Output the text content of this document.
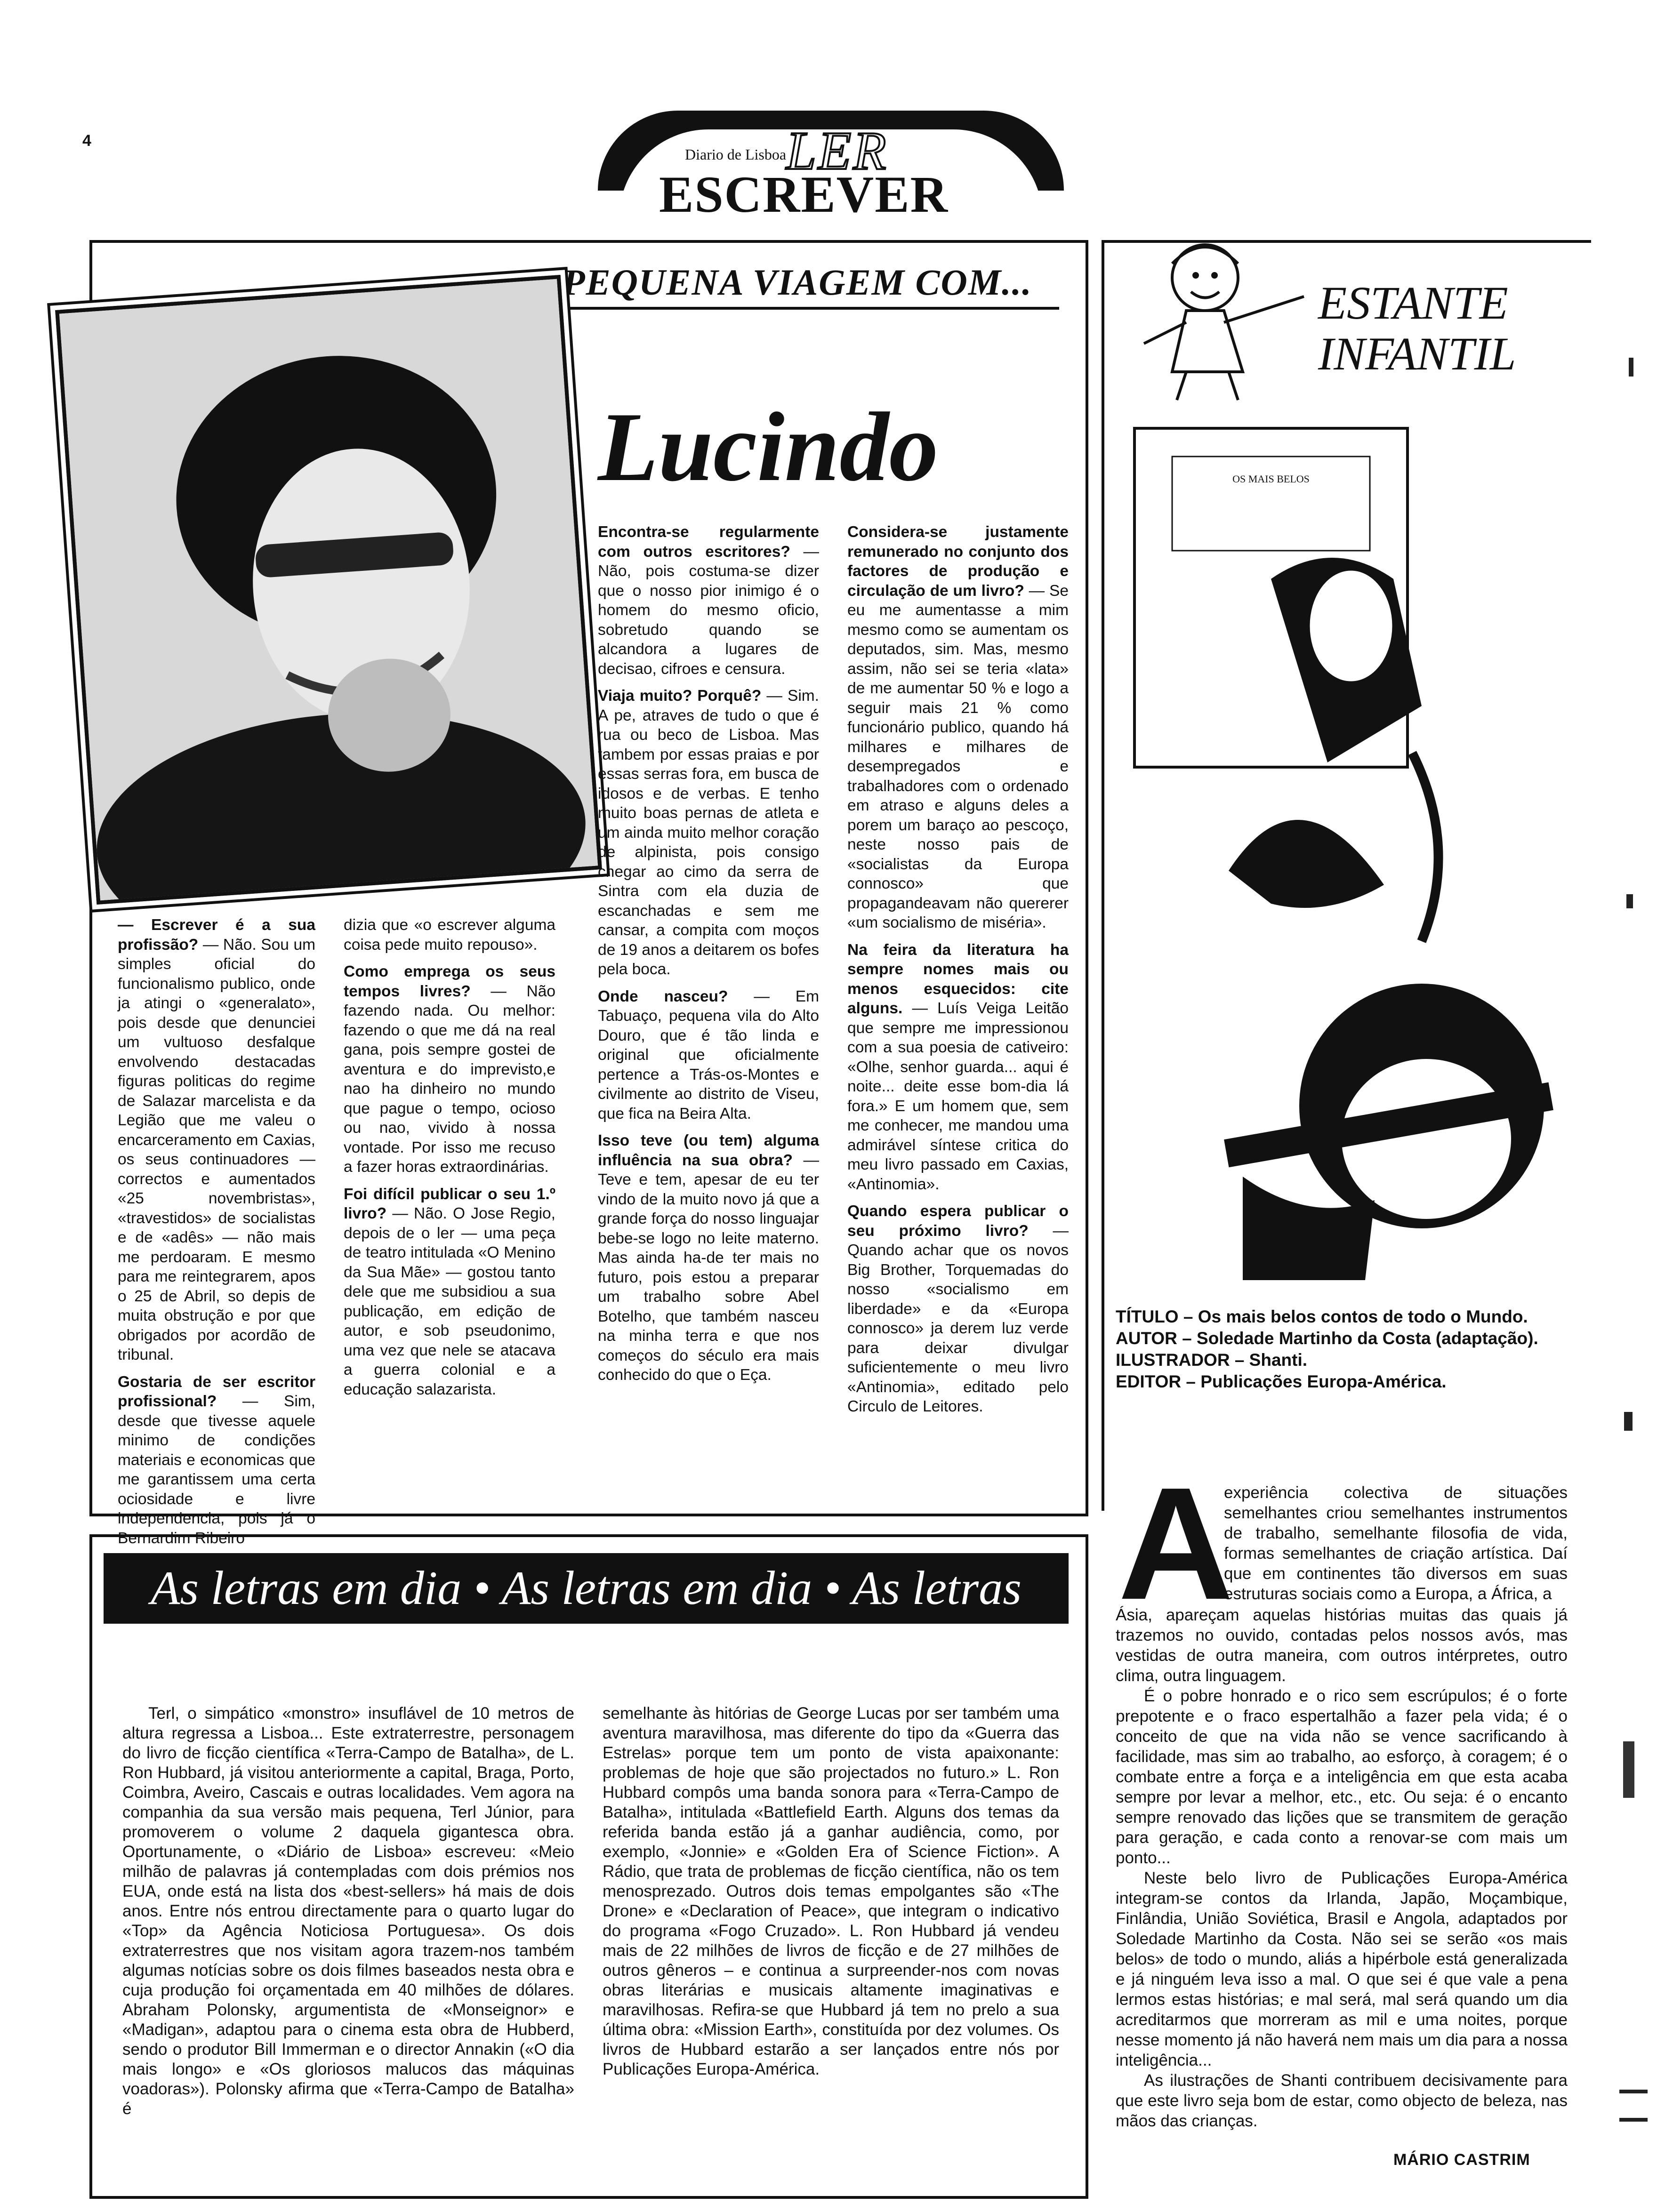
4
Diario de Lisboa LER
ESCREVER
PEQUENA VIAGEM COM...
Lucindo

— Escrever é a sua profissão? — Não. Sou um simples oficial do funcionalismo publico, onde ja atingi o «generalato», pois desde que denunciei um vultuoso desfalque envolvendo destacadas figuras politicas do regime de Salazar marcelista e da Legião que me valeu o encarceramento em Caxias, os seus continuadores — correctos e aumentados «25 novembristas», «travestidos» de socialistas e de «adês» — não mais me perdoaram. E mesmo para me reintegrarem, apos o 25 de Abril, so depis de muita obstrução e por que obrigados por acordão de tribunal.

Gostaria de ser escritor profissional? — Sim, desde que tivesse aquele minimo de condições materiais e economicas que me garantissem uma certa ociosidade e livre independencia, pois já o Bernardim Ribeiro

dizia que «o escrever alguma coisa pede muito repouso».

Como emprega os seus tempos livres? — Não fazendo nada. Ou melhor: fazendo o que me dá na real gana, pois sempre gostei de aventura e do imprevisto,e nao ha dinheiro no mundo que pague o tempo, ocioso ou nao, vivido à nossa vontade. Por isso me recuso a fazer horas extraordinárias.

Foi difícil publicar o seu 1.º livro? — Não. O Jose Regio, depois de o ler — uma peça de teatro intitulada «O Menino da Sua Mãe» — gostou tanto dele que me subsidiou a sua publicação, em edição de autor, e sob pseudonimo, uma vez que nele se atacava a guerra colonial e a educação salazarista.

Encontra-se regularmente com outros escritores? — Não, pois costuma-se dizer que o nosso pior inimigo é o homem do mesmo oficio, sobretudo quando se alcandora a lugares de decisao, cifroes e censura.

Viaja muito? Porquê? — Sim. A pe, atraves de tudo o que é rua ou beco de Lisboa. Mas tambem por essas praias e por essas serras fora, em busca de idosos e de verbas. E tenho muito boas pernas de atleta e um ainda muito melhor coração de alpinista, pois consigo chegar ao cimo da serra de Sintra com ela duzia de escanchadas e sem me cansar, a compita com moços de 19 anos a deitarem os bofes pela boca.

Onde nasceu? — Em Tabuaço, pequena vila do Alto Douro, que é tão linda e original que oficialmente pertence a Trás-os-Montes e civilmente ao distrito de Viseu, que fica na Beira Alta.

Isso teve (ou tem) alguma influência na sua obra? — Teve e tem, apesar de eu ter vindo de la muito novo já que a grande força do nosso linguajar bebe-se logo no leite materno. Mas ainda ha-de ter mais no futuro, pois estou a preparar um trabalho sobre Abel Botelho, que também nasceu na minha terra e que nos começos do século era mais conhecido do que o Eça.

Considera-se justamente remunerado no conjunto dos factores de produção e circulação de um livro? — Se eu me aumentasse a mim mesmo como se aumentam os deputados, sim. Mas, mesmo assim, não sei se teria «lata» de me aumentar 50 % e logo a seguir mais 21 % como funcionário publico, quando há milhares e milhares de desempregados e trabalhadores com o ordenado em atraso e alguns deles a porem um baraço ao pescoço, neste nosso pais de «socialistas da Europa connosco» que propagandeavam não quererer «um socialismo de miséria».

Na feira da literatura ha sempre nomes mais ou menos esquecidos: cite alguns. — Luís Veiga Leitão que sempre me impressionou com a sua poesia de cativeiro: «Olhe, senhor guarda... aqui é noite... deite esse bom-dia lá fora.» E um homem que, sem me conhecer, me mandou uma admirável síntese critica do meu livro passado em Caxias, «Antinomia».

Quando espera publicar o seu próximo livro? — Quando achar que os novos Big Brother, Torquemadas do nosso «socialismo em liberdade» e da «Europa connosco» ja derem luz verde para deixar divulgar suficientemente o meu livro «Antinomia», editado pelo Circulo de Leitores.

ESTANTE
INFANTIL
OS MAIS BELOS
TÍTULO – Os mais belos contos de todo o Mundo.
AUTOR – Soledade Martinho da Costa (adaptação).
ILUSTRADOR – Shanti.
EDITOR – Publicações Europa-América.
A

experiência colectiva de situações semelhantes criou semelhantes instrumentos de trabalho, semelhante filosofia de vida, formas semelhantes de criação artística. Daí que em continentes tão diversos em suas estruturas sociais como a Europa, a África, a

Ásia, apareçam aquelas histórias muitas das quais já trazemos no ouvido, contadas pelos nossos avós, mas vestidas de outra maneira, com outros intérpretes, outro clima, outra linguagem.

É o pobre honrado e o rico sem escrúpulos; é o forte prepotente e o fraco espertalhão a fazer pela vida; é o conceito de que na vida não se vence sacrificando à facilidade, mas sim ao trabalho, ao esforço, à coragem; é o combate entre a força e a inteligência em que esta acaba sempre por levar a melhor, etc., etc. Ou seja: é o encanto sempre renovado das lições que se transmitem de geração para geração, e cada conto a renovar-se com mais um ponto...

Neste belo livro de Publicações Europa-América integram-se contos da Irlanda, Japão, Moçambique, Finlândia, União Soviética, Brasil e Angola, adaptados por Soledade Martinho da Costa. Não sei se serão «os mais belos» de todo o mundo, aliás a hipérbole está generalizada e já ninguém leva isso a mal. O que sei é que vale a pena lermos estas histórias; e mal será, mal será quando um dia acreditarmos que morreram as mil e uma noites, porque nesse momento já não haverá nem mais um dia para a nossa inteligência...

As ilustrações de Shanti contribuem decisivamente para que este livro seja bom de estar, como objecto de beleza, nas mãos das crianças.

MÁRIO CASTRIM
As letras em dia • As letras em dia • As letras

Terl, o simpático «monstro» insuflável de 10 metros de altura regressa a Lisboa... Este extraterrestre, personagem do livro de ficção científica «Terra-Campo de Batalha», de L. Ron Hubbard, já visitou anteriormente a capital, Braga, Porto, Coimbra, Aveiro, Cascais e outras localidades. Vem agora na companhia da sua versão mais pequena, Terl Júnior, para promoverem o volume 2 daquela gigantesca obra. Oportunamente, o «Diário de Lisboa» escreveu: «Meio milhão de palavras já contempladas com dois prémios nos EUA, onde está na lista dos «best-sellers» há mais de dois anos. Entre nós entrou directamente para o quarto lugar do «Top» da Agência Noticiosa Portuguesa». Os dois extraterrestres que nos visitam agora trazem-nos também algumas notícias sobre os dois filmes baseados nesta obra e cuja produção foi orçamentada em 40 milhões de dólares. Abraham Polonsky, argumentista de «Monseignor» e «Madigan», adaptou para o cinema esta obra de Hubberd, sendo o produtor Bill Immerman e o director Annakin («O dia mais longo» e «Os gloriosos malucos das máquinas voadoras»). Polonsky afirma que «Terra-Campo de Batalha» é

semelhante às hitórias de George Lucas por ser também uma aventura maravilhosa, mas diferente do tipo da «Guerra das Estrelas» porque tem um ponto de vista apaixonante: problemas de hoje que são projectados no futuro.» L. Ron Hubbard compôs uma banda sonora para «Terra-Campo de Batalha», intitulada «Battlefield Earth. Alguns dos temas da referida banda estão já a ganhar audiência, como, por exemplo, «Jonnie» e «Golden Era of Science Fiction». A Rádio, que trata de problemas de ficção científica, não os tem menosprezado. Outros dois temas empolgantes são «The Drone» e «Declaration of Peace», que integram o indicativo do programa «Fogo Cruzado». L. Ron Hubbard já vendeu mais de 22 milhões de livros de ficção e de 27 milhões de outros gêneros – e continua a surpreender-nos com novas obras literárias e musicais altamente imaginativas e maravilhosas. Refira-se que Hubbard já tem no prelo a sua última obra: «Mission Earth», constituída por dez volumes. Os livros de Hubbard estarão a ser lançados entre nós por Publicações Europa-América.
